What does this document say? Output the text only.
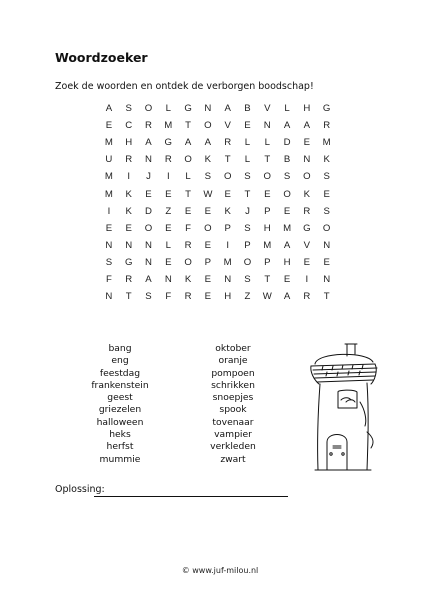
Woordzoeker
Zoek de woorden en ontdek de verborgen boodschap!
A	S	O	L	G	N	A	B	V	L	H	G
E	C	R	M	T	O	V	E	N	A	A	R
M	H	A	G	A	A	R	L	L	D	E	M
U	R	N	R	O	K	T	L	T	B	N	K
M	I	J	I	L	S	O	S	O	S	O	S
M	K	E	E	T	W	E	T	E	O	K	E
I	K	D	Z	E	E	K	J	P	E	R	S
E	E	O	E	F	O	P	S	H	M	G	O
N	N	N	L	R	E	I	P	M	A	V	N
S	G	N	E	O	P	M	O	P	H	E	E
F	R	A	N	K	E	N	S	T	E	I	N
N	T	S	F	R	E	H	Z	W	A	R	T
bang
eng
feestdag
frankenstein
geest
griezelen
halloween
heks
herfst
mummie
oktober
oranje
pompoen
schrikken
snoepjes
spook
tovenaar
vampier
verkleden
zwart
Oplossing:
© www.juf-milou.nl
